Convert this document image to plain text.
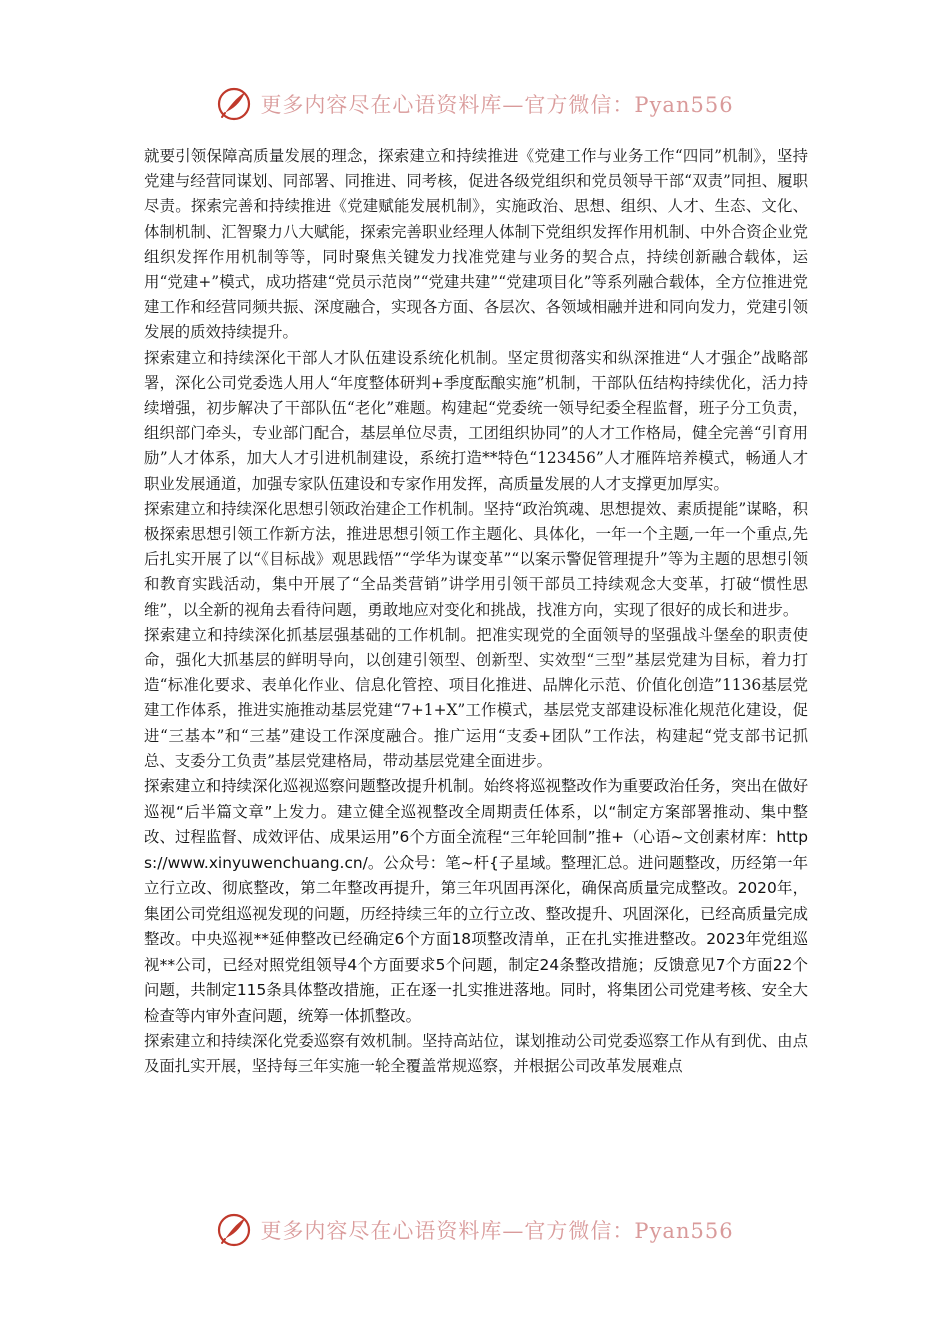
更多内容尽在心语资料库—官方微信：Pyan556

就要引领保障高质量发展的理念，探索建立和持续推进《党建工作与业务工作“四同”机制》，坚持党建与经营同谋划、同部署、同推进、同考核，促进各级党组织和党员领导干部“双责”同担、履职尽责。探索完善和持续推进《党建赋能发展机制》，实施政治、思想、组织、人才、生态、文化、体制机制、汇智聚力八大赋能，探索完善职业经理人体制下党组织发挥作用机制、中外合资企业党组织发挥作用机制等等，同时聚焦关键发力找准党建与业务的契合点，持续创新融合载体，运用“党建+”模式，成功搭建“党员示范岗”“党建共建”“党建项目化”等系列融合载体，全方位推进党建工作和经营同频共振、深度融合，实现各方面、各层次、各领域相融并进和同向发力，党建引领发展的质效持续提升。

探索建立和持续深化干部人才队伍建设系统化机制。坚定贯彻落实和纵深推进“人才强企”战略部署，深化公司党委选人用人“年度整体研判+季度酝酿实施”机制，干部队伍结构持续优化，活力持续增强，初步解决了干部队伍“老化”难题。构建起“党委统一领导纪委全程监督，班子分工负责，组织部门牵头，专业部门配合，基层单位尽责，工团组织协同”的人才工作格局，健全完善“引育用励”人才体系，加大人才引进机制建设，系统打造**特色“123456”人才雁阵培养模式，畅通人才职业发展通道，加强专家队伍建设和专家作用发挥，高质量发展的人才支撑更加厚实。

探索建立和持续深化思想引领政治建企工作机制。坚持“政治筑魂、思想提效、素质提能”谋略，积极探索思想引领工作新方法，推进思想引领工作主题化、具体化，一年一个主题,一年一个重点,先后扎实开展了以“《目标战》观思践悟”“学华为谋变革”“以案示警促管理提升”等为主题的思想引领和教育实践活动，集中开展了“全品类营销”讲学用引领干部员工持续观念大变革，打破“惯性思维”，以全新的视角去看待问题，勇敢地应对变化和挑战，找准方向，实现了很好的成长和进步。

探索建立和持续深化抓基层强基础的工作机制。把准实现党的全面领导的坚强战斗堡垒的职责使命，强化大抓基层的鲜明导向，以创建引领型、创新型、实效型“三型”基层党建为目标，着力打造“标准化要求、表单化作业、信息化管控、项目化推进、品牌化示范、价值化创造”1136基层党建工作体系，推进实施推动基层党建“7+1+X”工作模式，基层党支部建设标准化规范化建设，促进“三基本”和“三基”建设工作深度融合。推广运用“支委+团队”工作法，构建起“党支部书记抓总、支委分工负责”基层党建格局，带动基层党建全面进步。

探索建立和持续深化巡视巡察问题整改提升机制。始终将巡视整改作为重要政治任务，突出在做好巡视“后半篇文章”上发力。建立健全巡视整改全周期责任体系，以“制定方案部署推动、集中整改、过程监督、成效评估、成果运用”6个方面全流程“三年轮回制”推+（心语~文创素材库：https://www.xinyuwenchuang.cn/。公众号：笔~杆{子星域。整理汇总。进问题整改，历经第一年立行立改、彻底整改，第二年整改再提升，第三年巩固再深化，确保高质量完成整改。2020年，集团公司党组巡视发现的问题，历经持续三年的立行立改、整改提升、巩固深化，已经高质量完成整改。中央巡视**延伸整改已经确定6个方面18项整改清单，正在扎实推进整改。2023年党组巡视**公司，已经对照党组领导4个方面要求5个问题，制定24条整改措施；反馈意见7个方面22个问题，共制定115条具体整改措施，正在逐一扎实推进落地。同时，将集团公司党建考核、安全大检查等内审外查问题，统筹一体抓整改。

探索建立和持续深化党委巡察有效机制。坚持高站位，谋划推动公司党委巡察工作从有到优、由点及面扎实开展，坚持每三年实施一轮全覆盖常规巡察，并根据公司改革发展难点

更多内容尽在心语资料库—官方微信：Pyan556
